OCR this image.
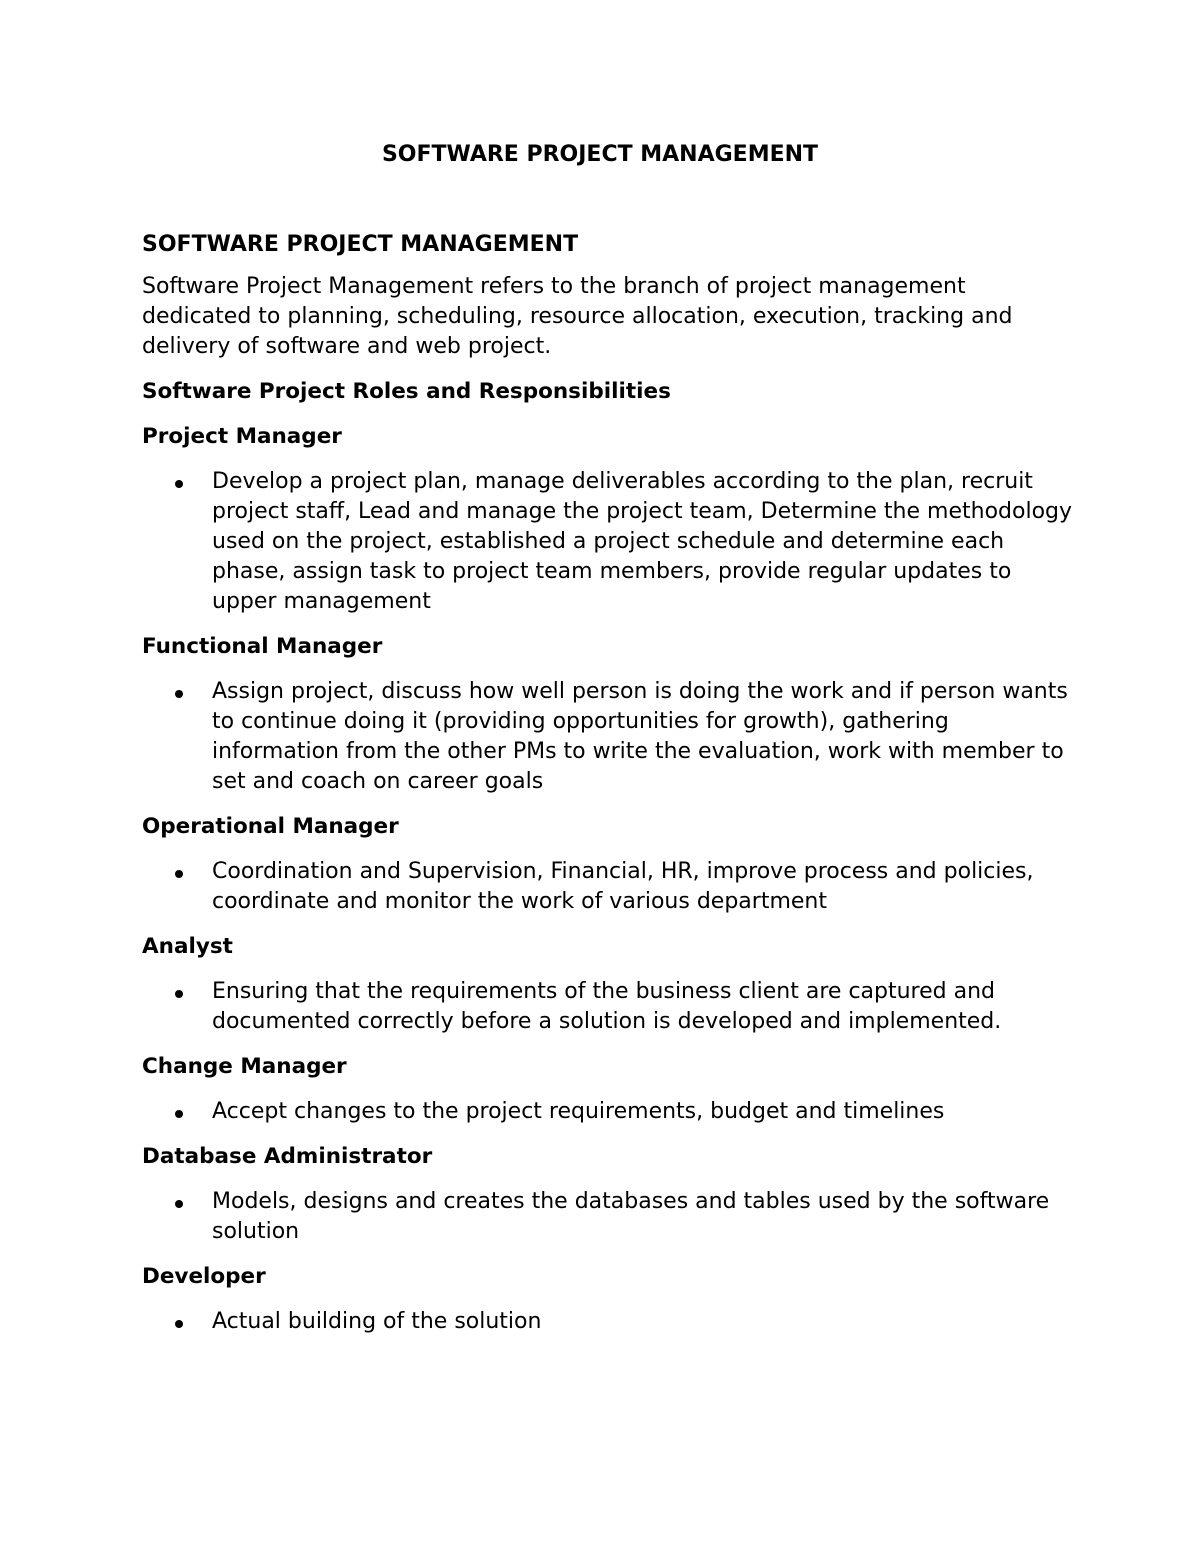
SOFTWARE PROJECT MANAGEMENT
SOFTWARE PROJECT MANAGEMENT

Software Project Management refers to the branch of project management dedicated to planning, scheduling, resource allocation, execution, tracking and delivery of software and web project.

Software Project Roles and Responsibilities
Project Manager
Develop a project plan, manage deliverables according to the plan, recruit project staff, Lead and manage the project team, Determine the methodology used on the project, established a project schedule and determine each phase, assign task to project team members, provide regular updates to upper management
Functional Manager
Assign project, discuss how well person is doing the work and if person wants to continue doing it (providing opportunities for growth), gathering information from the other PMs to write the evaluation, work with member to set and coach on career goals
Operational Manager
Coordination and Supervision, Financial, HR, improve process and policies, coordinate and monitor the work of various department
Analyst
Ensuring that the requirements of the business client are captured and documented correctly before a solution is developed and implemented.
Change Manager
Accept changes to the project requirements, budget and timelines
Database Administrator
Models, designs and creates the databases and tables used by the software solution
Developer
Actual building of the solution
